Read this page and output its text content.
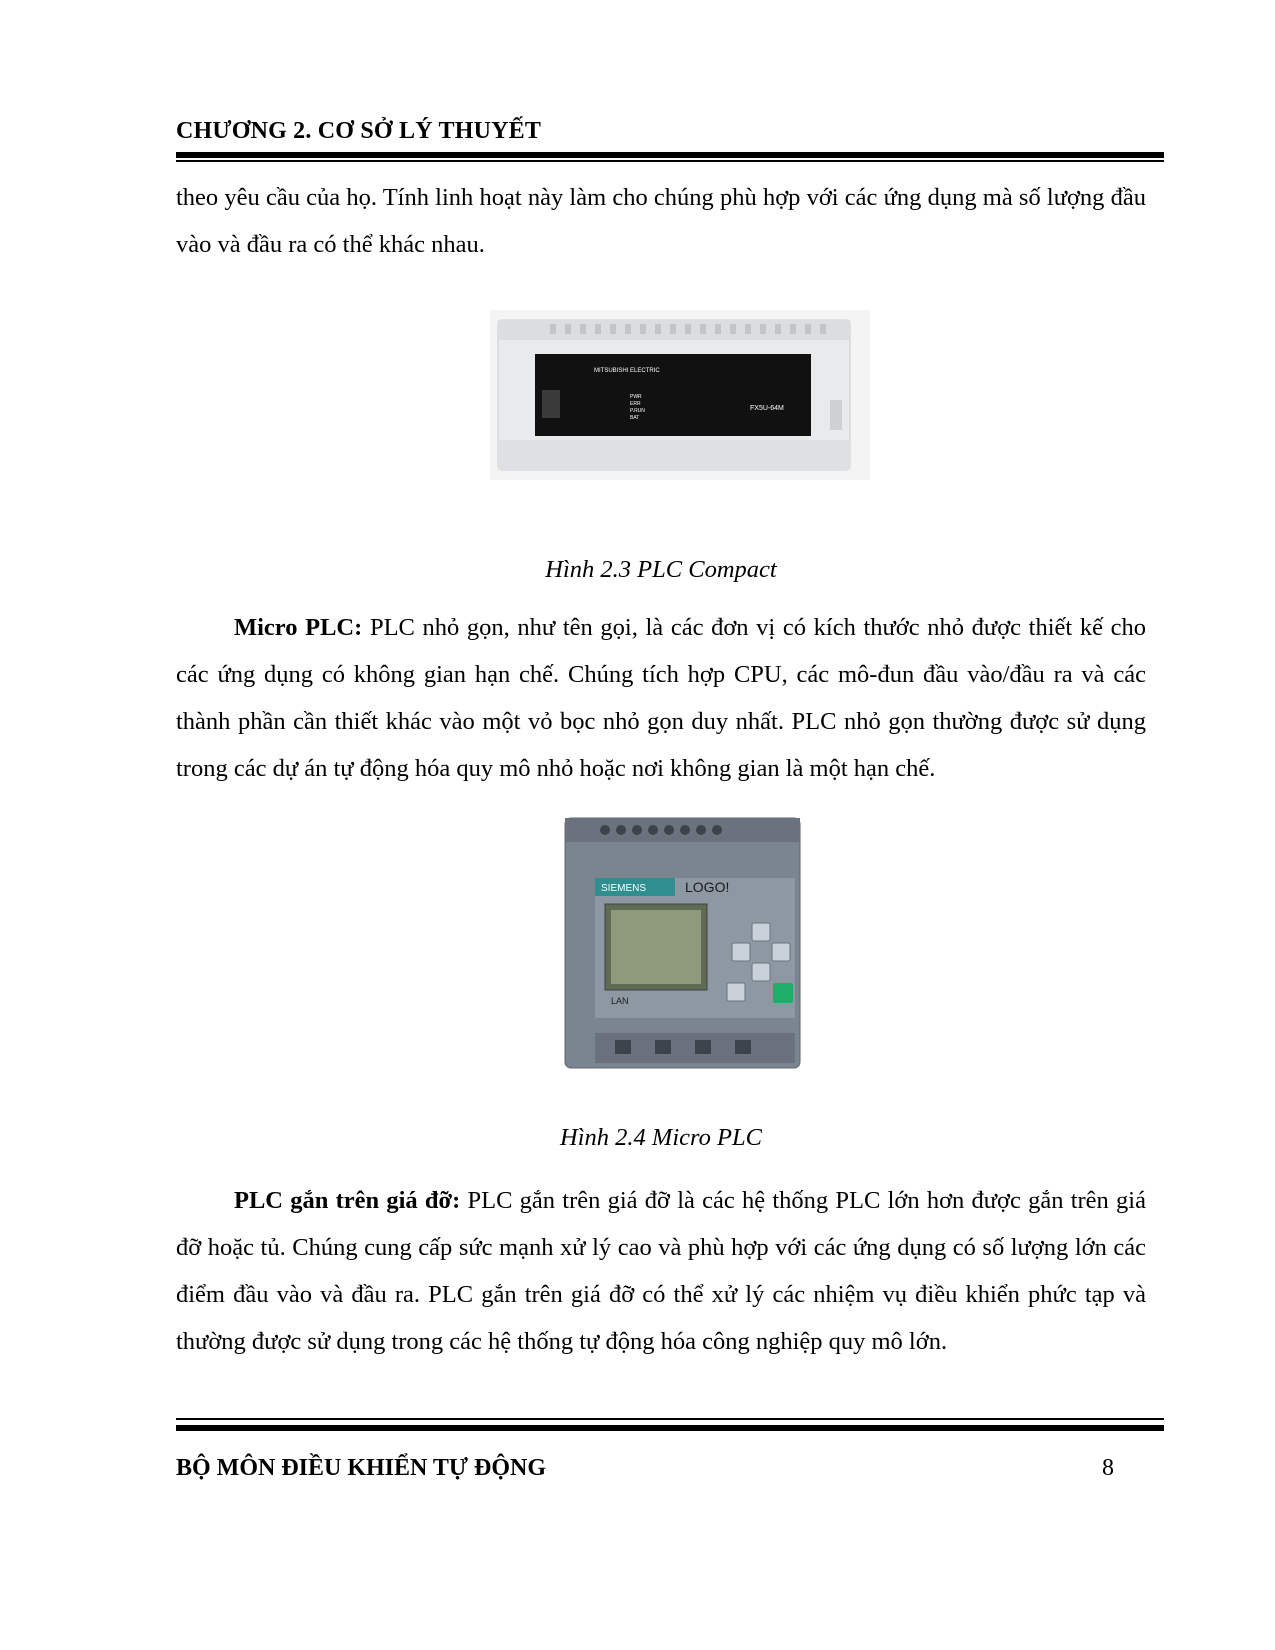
CHƯƠNG 2. CƠ SỞ LÝ THUYẾT

theo yêu cầu của họ. Tính linh hoạt này làm cho chúng phù hợp với các ứng dụng mà số lượng đầu vào và đầu ra có thể khác nhau.

MITSUBISHI ELECTRIC
FX5U-64M
PWR
ERR
P.RUN
BAT
Hình 2.3 PLC Compact

Micro PLC: PLC nhỏ gọn, như tên gọi, là các đơn vị có kích thước nhỏ được thiết kế cho các ứng dụng có không gian hạn chế. Chúng tích hợp CPU, các mô-đun đầu vào/đầu ra và các thành phần cần thiết khác vào một vỏ bọc nhỏ gọn duy nhất. PLC nhỏ gọn thường được sử dụng trong các dự án tự động hóa quy mô nhỏ hoặc nơi không gian là một hạn chế.

SIEMENS	LOGO!
LAN
Hình 2.4 Micro PLC

PLC gắn trên giá đỡ: PLC gắn trên giá đỡ là các hệ thống PLC lớn hơn được gắn trên giá đỡ hoặc tủ. Chúng cung cấp sức mạnh xử lý cao và phù hợp với các ứng dụng có số lượng lớn các điểm đầu vào và đầu ra. PLC gắn trên giá đỡ có thể xử lý các nhiệm vụ điều khiển phức tạp và thường được sử dụng trong các hệ thống tự động hóa công nghiệp quy mô lớn.

BỘ MÔN ĐIỀU KHIỂN TỰ ĐỘNG	8
